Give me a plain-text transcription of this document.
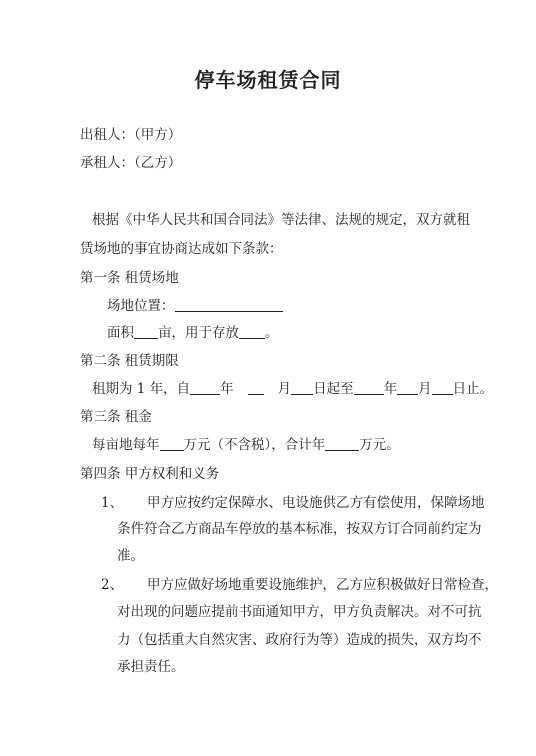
停车场租赁合同
出租人：（甲方）
承租人：（乙方）
根据《中华人民共和国合同法》等法律、法规的规定，双方就租
赁场地的事宜协商达成如下条款：
第一条 租赁场地
场地位置：
面积 亩，用于存放 。
第二条 租赁期限
租期为 1 年，自 年	月 日起至 年 月 日止。
第三条 租金
每亩地每年 万元（不含税），合计年	万元。
第四条 甲方权利和义务
1、 甲方应按约定保障水、电设施供乙方有偿使用，保障场地
条件符合乙方商品车停放的基本标准，按双方订合同前约定为
准。
2、 甲方应做好场地重要设施维护，乙方应积极做好日常检查，
对出现的问题应提前书面通知甲方，甲方负责解决。对不可抗
力（包括重大自然灾害、政府行为等）造成的损失，双方均不
承担责任。
